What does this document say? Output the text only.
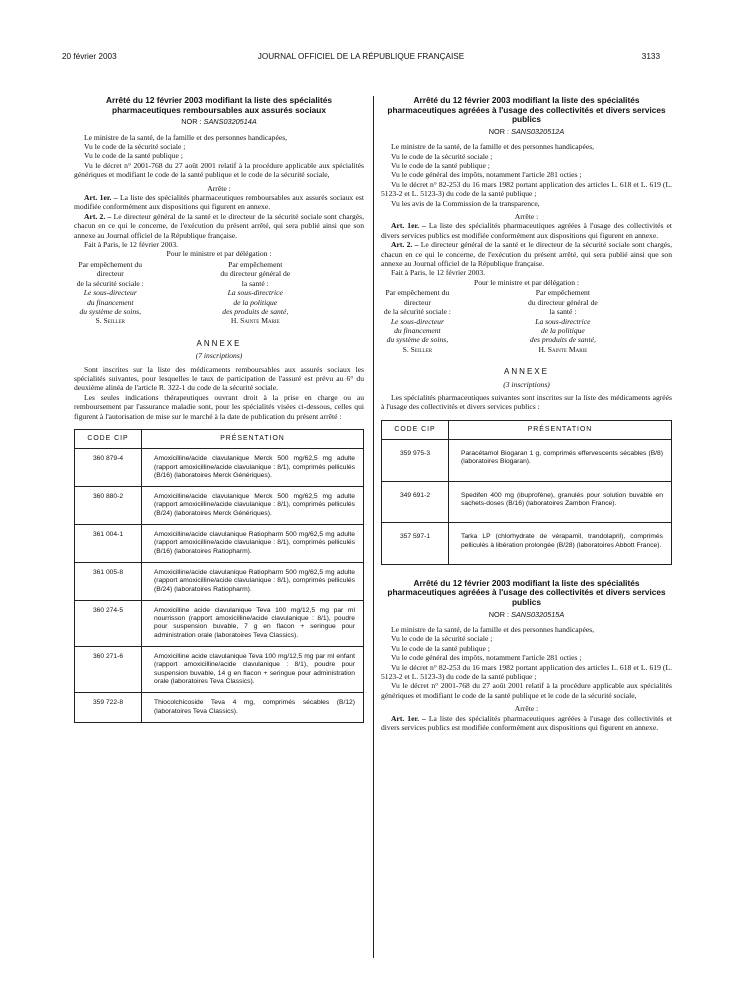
20 février 2003	JOURNAL OFFICIEL DE LA RÉPUBLIQUE FRANÇAISE	3133
Arrêté du 12 février 2003 modifiant la liste des spécialités pharmaceutiques remboursables aux assurés sociaux
NOR : SANS0320514A

Le ministre de la santé, de la famille et des personnes handicapées,

Vu le code de la sécurité sociale ;

Vu le code de la santé publique ;

Vu le décret n° 2001-768 du 27 août 2001 relatif à la procédure applicable aux spécialités génériques et modifiant le code de la santé publique et le code de la sécurité sociale,

Arrête :

Art. 1er. – La liste des spécialités pharmaceutiques remboursables aux assurés sociaux est modifiée conformément aux dispositions qui figurent en annexe.

Art. 2. – Le directeur général de la santé et le directeur de la sécurité sociale sont chargés, chacun en ce qui le concerne, de l'exécution du présent arrêté, qui sera publié ainsi que son annexe au Journal officiel de la République française.

Fait à Paris, le 12 février 2003.

Pour le ministre et par délégation :

Par empêchement du directeur
de la sécurité sociale :
Le sous-directeur
du financement
du système de soins,
S. Seiller
Par empêchement
du directeur général de la santé :
La sous-directrice
de la politique
des produits de santé,
H. Sainte Marie
ANNEXE
(7 inscriptions)

Sont inscrites sur la liste des médicaments remboursables aux assurés sociaux les spécialités suivantes, pour lesquelles le taux de participation de l'assuré est prévu au 6° du deuxième alinéa de l'article R. 322-1 du code de la sécurité sociale.

Les seules indications thérapeutiques ouvrant droit à la prise en charge ou au remboursement par l'assurance maladie sont, pour les spécialités visées ci-dessous, celles qui figurent à l'autorisation de mise sur le marché à la date de publication du présent arrêté :

CODE CIP	PRÉSENTATION
360 879-4	Amoxicilline/acide clavulanique Merck 500 mg/62,5 mg adulte (rapport amoxicilline/acide clavulanique : 8/1), comprimés pelliculés (B/16) (laboratoires Merck Génériques).
360 880-2	Amoxicilline/acide clavulanique Merck 500 mg/62,5 mg adulte (rapport amoxicilline/acide clavulanique : 8/1), comprimés pelliculés (B/24) (laboratoires Merck Génériques).
361 004-1	Amoxicilline/acide clavulanique Ratiopharm 500 mg/62,5 mg adulte (rapport amoxicilline/acide clavulanique : 8/1), comprimés pelliculés (B/16) (laboratoires Ratiopharm).
361 005-8	Amoxicilline/acide clavulanique Ratiopharm 500 mg/62,5 mg adulte (rapport amoxicilline/acide clavulanique : 8/1), comprimés pelliculés (B/24) (laboratoires Ratiopharm).
360 274-5	Amoxicilline acide clavulanique Teva 100 mg/12,5 mg par ml nourrisson (rapport amoxicilline/acide clavulanique : 8/1), poudre pour suspension buvable, 7 g en flacon + seringue pour administration orale (laboratoires Teva Classics).
360 271-6	Amoxicilline acide clavulanique Teva 100 mg/12,5 mg par ml enfant (rapport amoxicilline/acide clavulanique : 8/1), poudre pour suspension buvable, 14 g en flacon + seringue pour administration orale (laboratoires Teva Classics).
359 722-8	Thiocolchicoside Teva 4 mg, comprimés sécables (B/12) (laboratoires Teva Classics).
Arrêté du 12 février 2003 modifiant la liste des spécialités pharmaceutiques agréées à l'usage des collectivités et divers services publics
NOR : SANS0320512A

Le ministre de la santé, de la famille et des personnes handicapées,

Vu le code de la sécurité sociale ;

Vu le code de la santé publique ;

Vu le code général des impôts, notamment l'article 281 octies ;

Vu le décret n° 82-253 du 16 mars 1982 portant application des articles L. 618 et L. 619 (L. 5123-2 et L. 5123-3) du code de la santé publique ;

Vu les avis de la Commission de la transparence,

Arrête :

Art. 1er. – La liste des spécialités pharmaceutiques agréées à l'usage des collectivités et divers services publics est modifiée conformément aux dispositions qui figurent en annexe.

Art. 2. – Le directeur général de la santé et le directeur de la sécurité sociale sont chargés, chacun en ce qui le concerne, de l'exécution du présent arrêté, qui sera publié ainsi que son annexe au Journal officiel de la République française.

Fait à Paris, le 12 février 2003.

Pour le ministre et par délégation :

Par empêchement du directeur
de la sécurité sociale :
Le sous-directeur
du financement
du système de soins,
S. Seiller
Par empêchement
du directeur général de la santé :
La sous-directrice
de la politique
des produits de santé,
H. Sainte Marie
ANNEXE
(3 inscriptions)

Les spécialités pharmaceutiques suivantes sont inscrites sur la liste des médicaments agréés à l'usage des collectivités et divers services publics :

CODE CIP	PRÉSENTATION
359 975-3	Paracétamol Biogaran 1 g, comprimés effervescents sécables (B/8) (laboratoires Biogaran).
349 691-2	Spedifen 400 mg (ibuprofène), granulés pour solution buvable en sachets-doses (B/16) (laboratoires Zambon France).
357 597-1	Tarka LP (chlorhydrate de vérapamil, trandolapril), comprimés pelliculés à libération prolongée (B/28) (laboratoires Abbott France).
Arrêté du 12 février 2003 modifiant la liste des spécialités pharmaceutiques agréées à l'usage des collectivités et divers services publics
NOR : SANS0320515A

Le ministre de la santé, de la famille et des personnes handicapées,

Vu le code de la sécurité sociale ;

Vu le code de la santé publique ;

Vu le code général des impôts, notamment l'article 281 octies ;

Vu le décret n° 82-253 du 16 mars 1982 portant application des articles L. 618 et L. 619 (L. 5123-2 et L. 5123-3) du code de la santé publique ;

Vu le décret n° 2001-768 du 27 août 2001 relatif à la procédure applicable aux spécialités génériques et modifiant le code de la santé publique et le code de la sécurité sociale,

Arrête :

Art. 1er. – La liste des spécialités pharmaceutiques agréées à l'usage des collectivités et divers services publics est modifiée conformément aux dispositions qui figurent en annexe.
